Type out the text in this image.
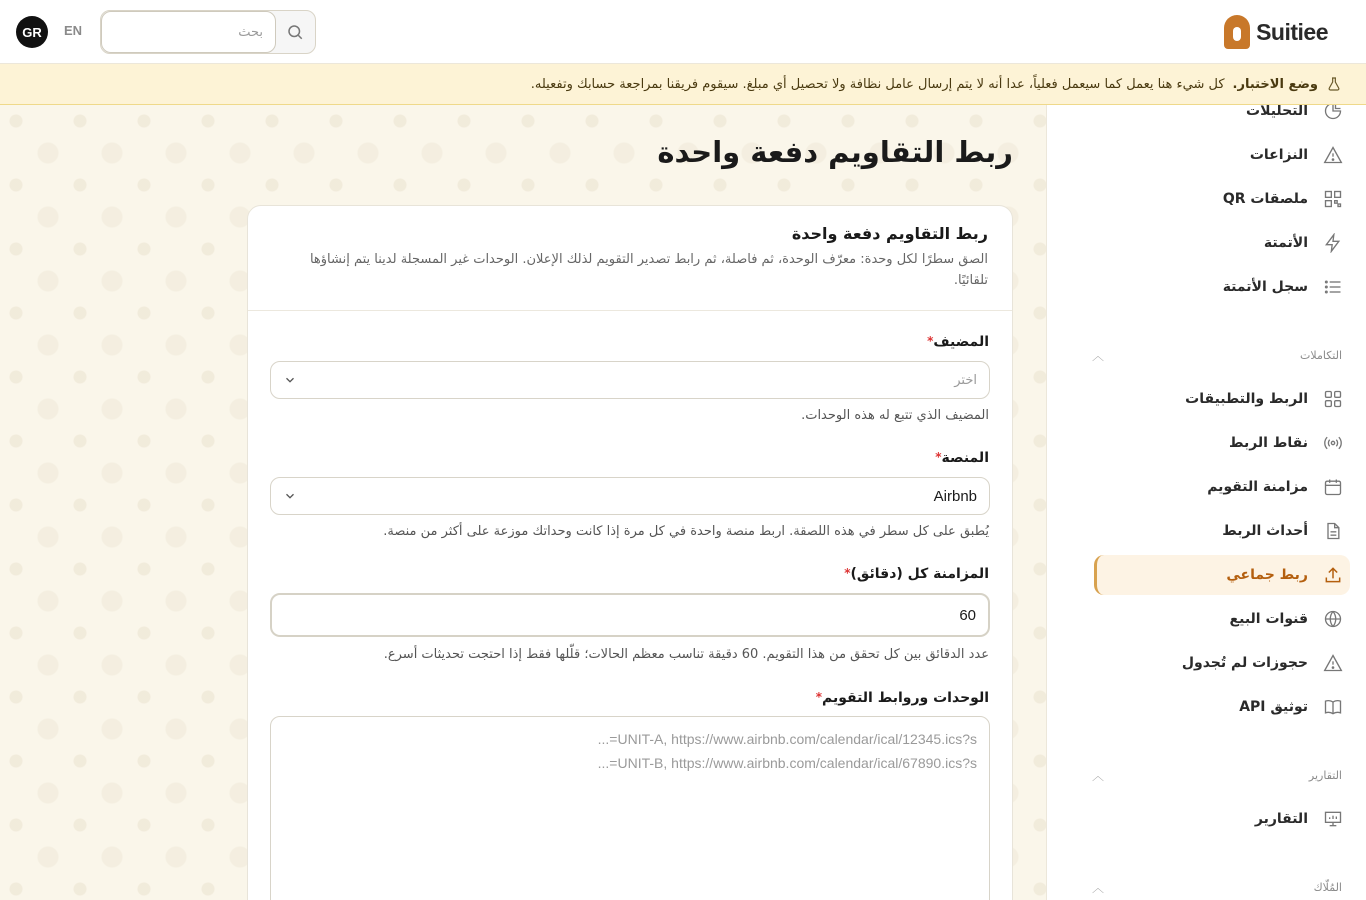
Suitiee
GR	EN
بحث
وضع الاختبار.
كل شيء هنا يعمل كما سيعمل فعلياً، عدا أنه لا يتم إرسال عامل نظافة ولا تحصيل أي مبلغ. سيقوم فريقنا بمراجعة حسابك وتفعيله.
التحليلات
النزاعات
ملصقات QR
الأتمتة
سجل الأتمتة
التكاملات
︿
الربط والتطبيقات
نقاط الربط
مزامنة التقويم
أحداث الربط
ربط جماعي
قنوات البيع
حجوزات لم تُجدول
توثيق API
التقارير
︿
التقارير
المُلّاك
︿
ربط التقاويم دفعة واحدة
ربط التقاويم دفعة واحدة
الصق سطرًا لكل وحدة: معرّف الوحدة، ثم فاصلة، ثم رابط تصدير التقويم لذلك الإعلان. الوحدات غير المسجلة لدينا يتم إنشاؤها تلقائيًا.
المضيف*
اختر
المضيف الذي تتبع له هذه الوحدات.
المنصة*
Airbnb
يُطبق على كل سطر في هذه اللصقة. اربط منصة واحدة في كل مرة إذا كانت وحداتك موزعة على أكثر من منصة.
المزامنة كل (دقائق)*
60
عدد الدقائق بين كل تحقق من هذا التقويم. 60 دقيقة تناسب معظم الحالات؛ قلّلها فقط إذا احتجت تحديثات أسرع.
الوحدات وروابط التقويم*
UNIT-A, https://www.airbnb.com/calendar/ical/12345.ics?s=... UNIT-B, https://www.airbnb.com/calendar/ical/67890.ics?s=...
